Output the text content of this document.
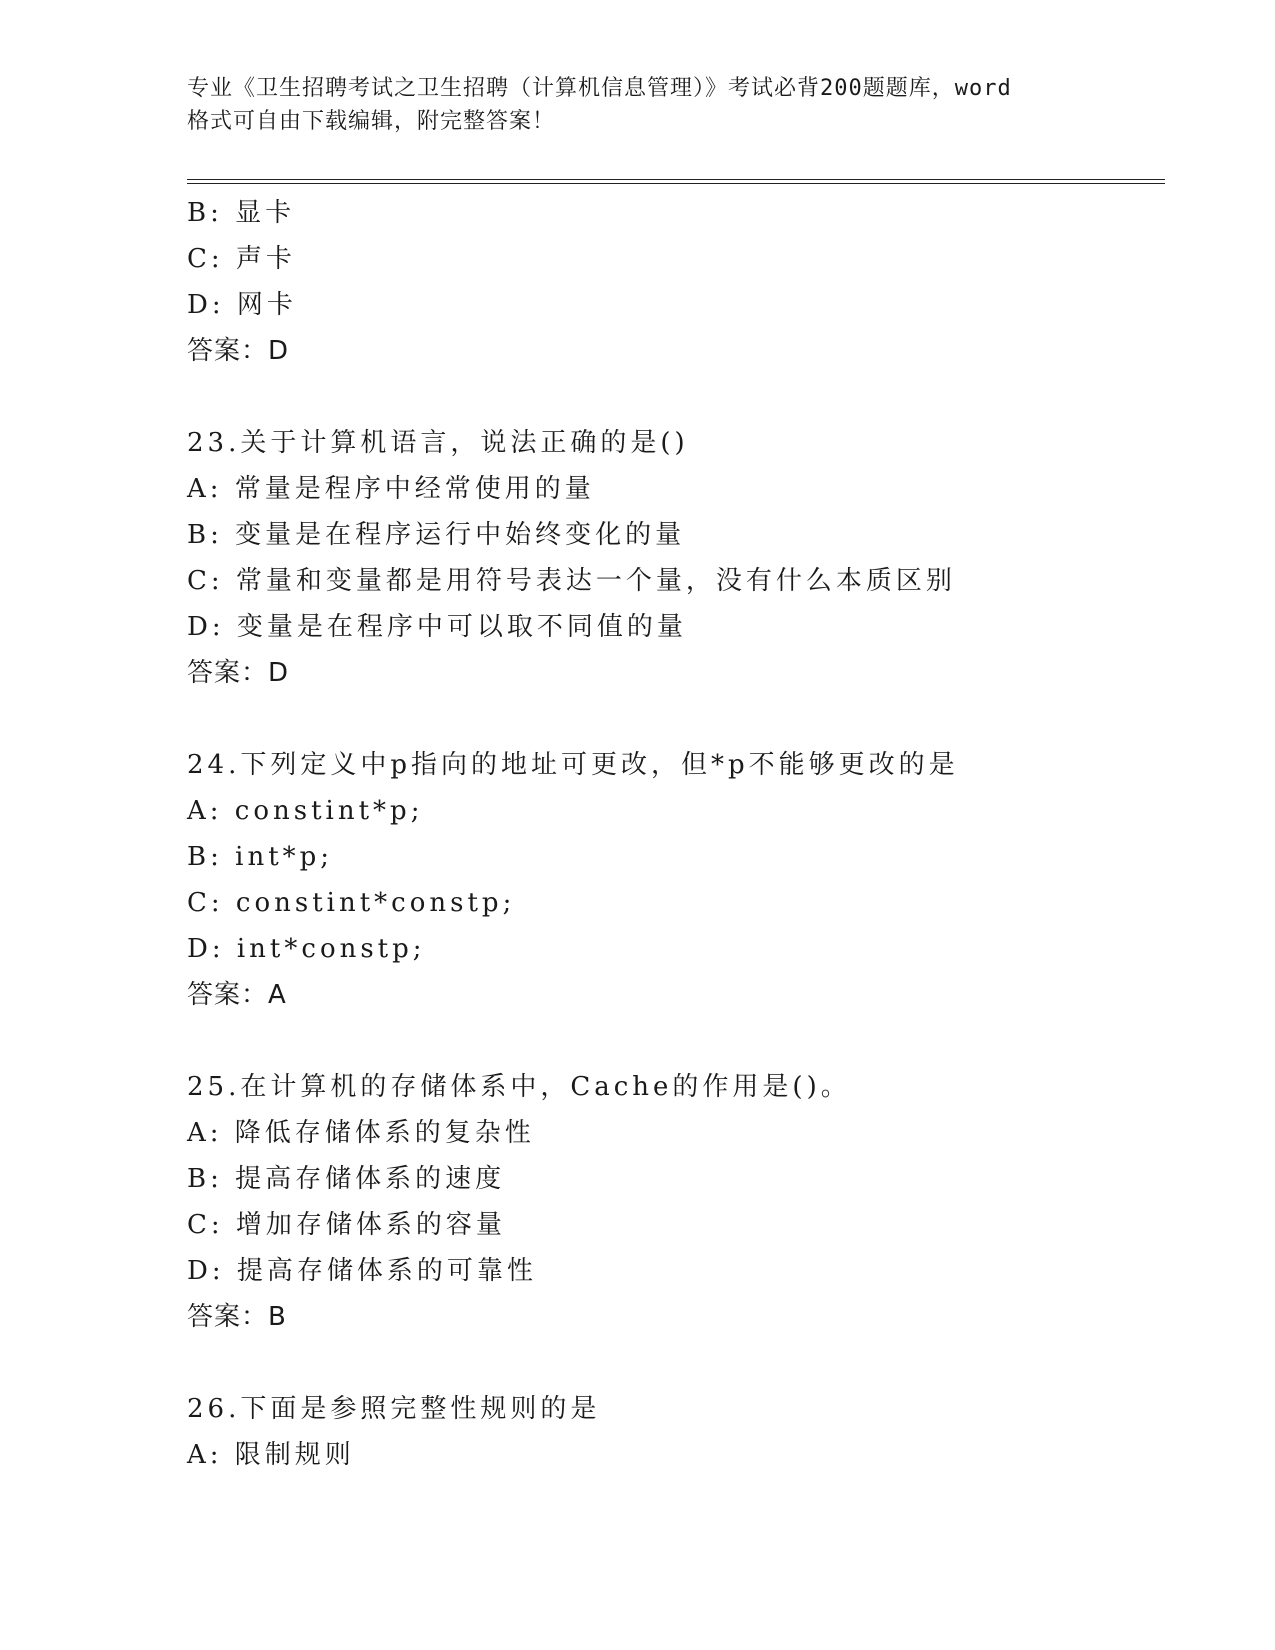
专业《卫生招聘考试之卫生招聘（计算机信息管理）》考试必背200题题库，word
格式可自由下载编辑，附完整答案！
B: 显卡
C: 声卡
D: 网卡
答案：D
23.关于计算机语言，说法正确的是()
A: 常量是程序中经常使用的量
B: 变量是在程序运行中始终变化的量
C: 常量和变量都是用符号表达一个量，没有什么本质区别
D: 变量是在程序中可以取不同值的量
答案：D
24.下列定义中p指向的地址可更改，但*p不能够更改的是
A: constint*p;
B: int*p;
C: constint*constp;
D: int*constp;
答案：A
25.在计算机的存储体系中，Cache的作用是()。
A: 降低存储体系的复杂性
B: 提高存储体系的速度
C: 增加存储体系的容量
D: 提高存储体系的可靠性
答案：B
26.下面是参照完整性规则的是
A: 限制规则
